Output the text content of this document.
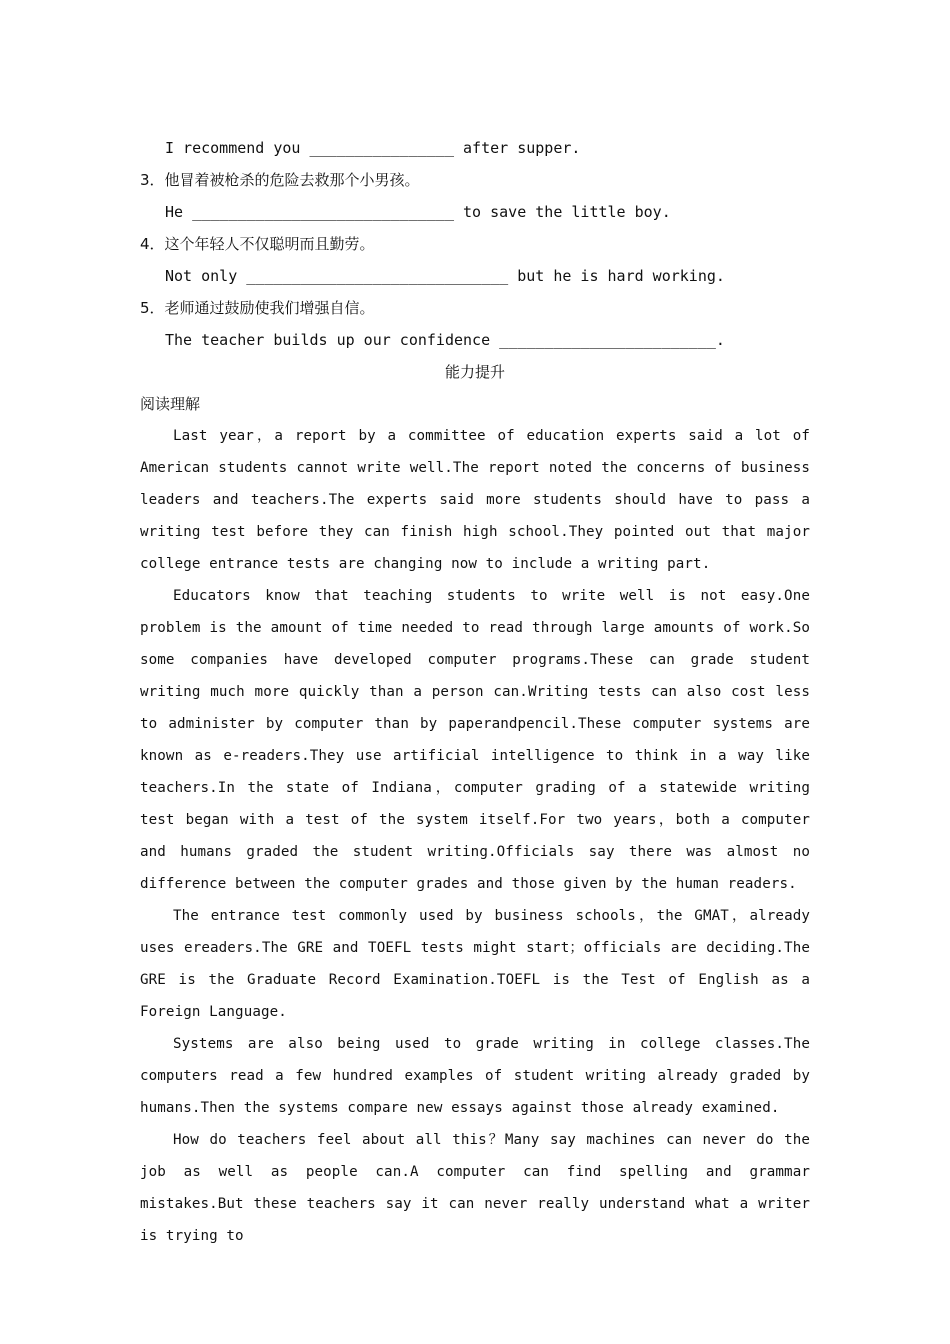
I recommend you ________________ after supper.
3．他冒着被枪杀的危险去救那个小男孩。
He _____________________________ to save the little boy.
4．这个年轻人不仅聪明而且勤劳。
Not only _____________________________ but he is hard working.
5．老师通过鼓励使我们增强自信。
The teacher builds up our confidence ________________________.
能力提升
阅读理解

Last year，a report by a committee of education experts said a lot of American students cannot write well.The report noted the concerns of business leaders and teachers.The experts said more students should have to pass a writing test before they can finish high school.They pointed out that major college entrance tests are changing now to include a writing part.

Educators know that teaching students to write well is not easy.One problem is the amount of time needed to read through large amounts of work.So some companies have developed computer programs.These can grade student writing much more quickly than a person can.Writing tests can also cost less to administer by computer than by paperandpencil.These computer systems are known as e-readers.They use artificial intelligence to think in a way like teachers.In the state of Indiana，computer grading of a statewide writing test began with a test of the system itself.For two years，both a computer and humans graded the student writing.Officials say there was almost no difference between the computer grades and those given by the human readers.

The entrance test commonly used by business schools，the GMAT，already uses ereaders.The GRE and TOEFL tests might start；officials are deciding.The GRE is the Graduate Record Examination.TOEFL is the Test of English as a Foreign Language.

Systems are also being used to grade writing in college classes.The computers read a few hundred examples of student writing already graded by humans.Then the systems compare new essays against those already examined.

How do teachers feel about all this？Many say machines can never do the job as well as people can.A computer can find spelling and grammar mistakes.But these teachers say it can never really understand what a writer is trying to
